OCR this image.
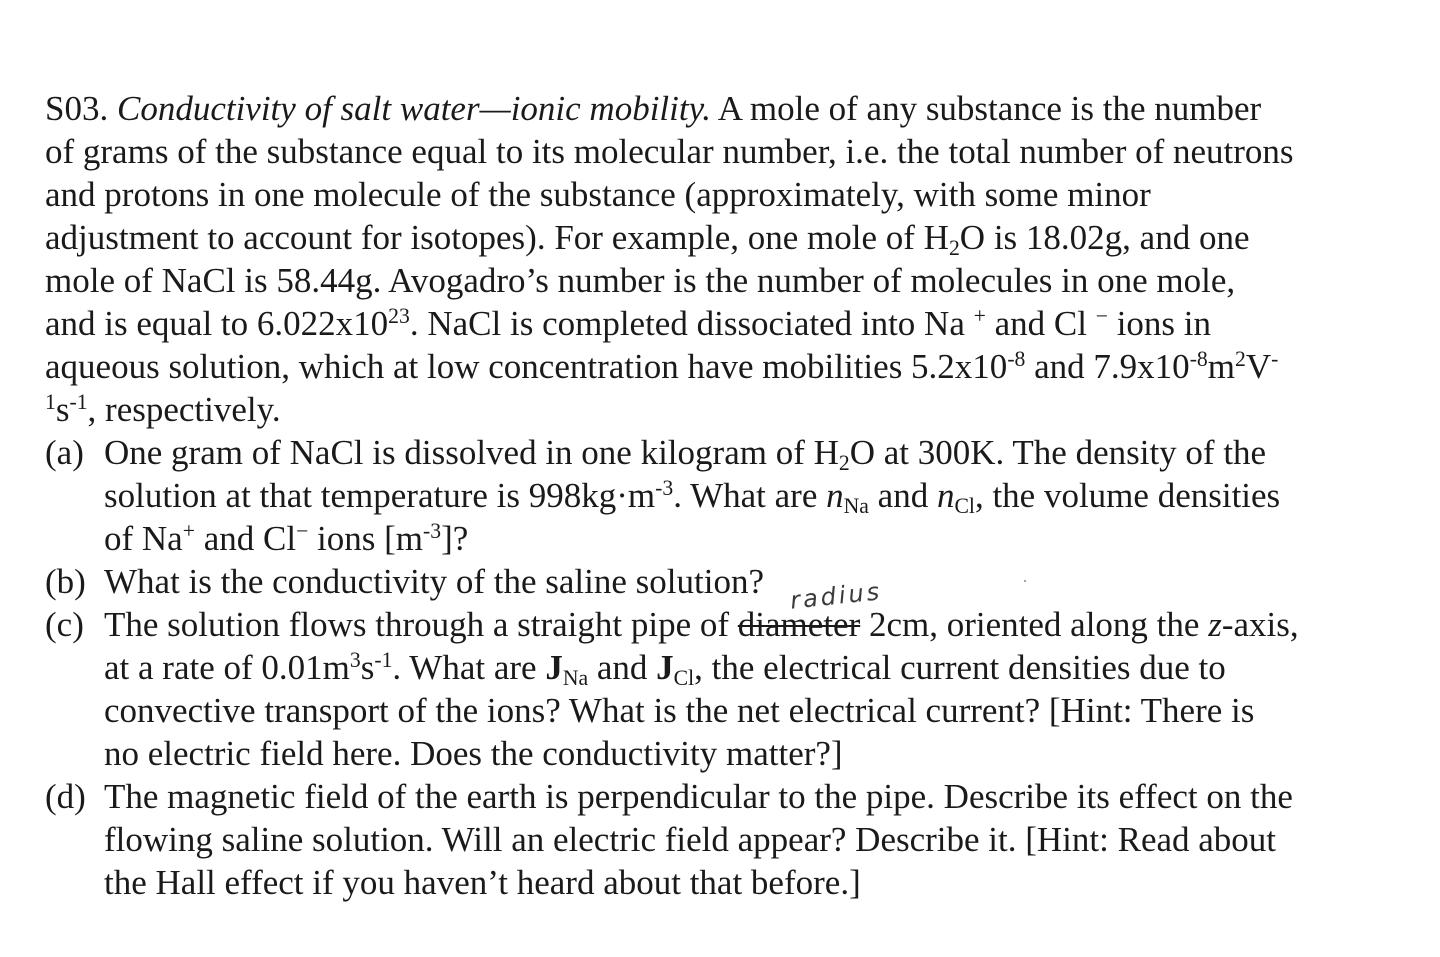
S03. Conductivity of salt water—ionic mobility. A mole of any substance is the number
of grams of the substance equal to its molecular number, i.e. the total number of neutrons
and protons in one molecule of the substance (approximately, with some minor
adjustment to account for isotopes). For example, one mole of $H_2O$ is 18.02g, and one
mole of NaCl is 58.44g. Avogadro’s number is the number of molecules in one mole,
and is equal to $6.022x10^{23}$. NaCl is completed dissociated into Na + and Cl − ions in
aqueous solution, which at low concentration have mobilities $5.2x10^{-8}$ and $7.9x10^{-8}m^2V^-$
$^1s^{-1}$, respectively.
(a) One gram of NaCl is dissolved in one kilogram of $H_2O$ at 300K. The density of the
solution at that temperature is $998kg\cdot m^{-3}$. What are $n_{Na}$ and $n_{Cl}$, the volume densities
of Na+ and Cl− ions $[m^{-3}]$?
(b) What is the conductivity of the saline solution? radius
(c) The solution flows through a straight pipe of diameter 2cm, oriented along the z-axis,
at a rate of $0.01m^3s^{-1}$. What are $J_{Na}$ and $J_{Cl}$, the electrical current densities due to
convective transport of the ions? What is the net electrical current? [Hint: There is
no electric field here. Does the conductivity matter?]
(d) The magnetic field of the earth is perpendicular to the pipe. Describe its effect on the
flowing saline solution. Will an electric field appear? Describe it. [Hint: Read about
the Hall effect if you haven’t heard about that before.]
